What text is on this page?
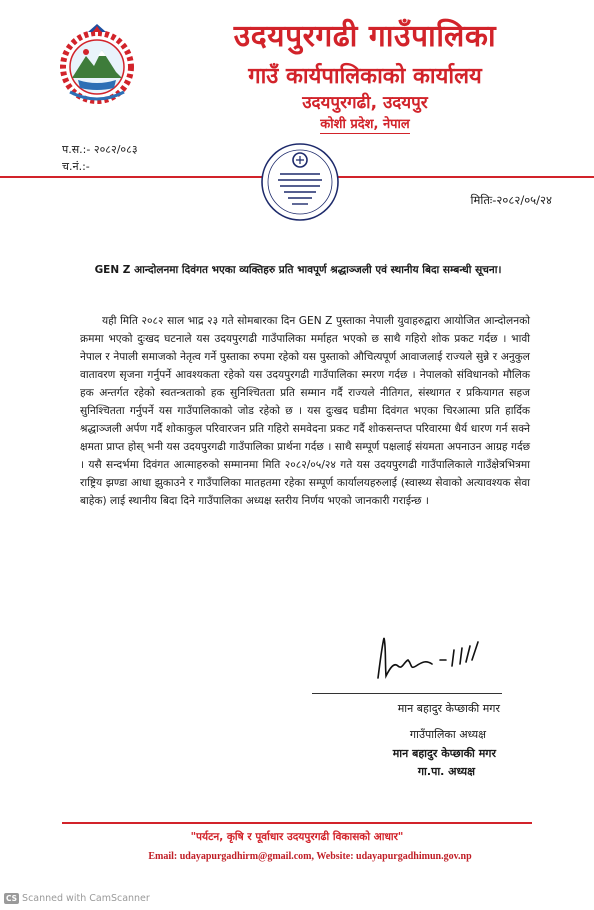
उदयपुरगढी गाउँपालिका
गाउँ कार्यपालिकाको कार्यालय
उदयपुरगढी, उदयपुर
कोशी प्रदेश, नेपाल
प.स.:- २०८२/०८३
च.नं.:-
मितिः-२०८२/०५/२४
GEN Z आन्दोलनमा दिवंगत भएका व्यक्तिहरु प्रति भावपूर्ण श्रद्धाञ्जली एवं स्थानीय बिदा सम्बन्धी सूचना।
यही मिति २०८२ साल भाद्र २३ गते सोमबारका दिन GEN Z पुस्ताका नेपाली युवाहरुद्वारा आयोजित आन्दोलनको क्रममा भएको दुःखद घटनाले यस उदयपुरगढी गाउँपालिका मर्माहत भएको छ साथै गहिरो शोक प्रकट गर्दछ । भावी नेपाल र नेपाली समाजको नेतृत्व गर्ने पुस्ताका रुपमा रहेको यस पुस्ताको औचित्यपूर्ण आवाजलाई राज्यले सुन्ने र अनुकुल वातावरण सृजना गर्नुपर्ने आवश्यकता रहेको यस उदयपुरगढी गाउँपालिका स्मरण गर्दछ । नेपालको संविधानको मौलिक हक अन्तर्गत रहेको स्वतन्त्रताको हक सुनिश्चितता प्रति सम्मान गर्दै राज्यले नीतिगत, संस्थागत र प्रकियागत सहज सुनिश्चितता गर्नुपर्ने यस गाउँपालिकाको जोड रहेको छ । यस दुःखद घडीमा दिवंगत भएका चिरआत्मा प्रति हार्दिक श्रद्धाञ्जली अर्पण गर्दै शोकाकुल परिवारजन प्रति गहिरो समवेदना प्रकट गर्दै शोकसन्तप्त परिवारमा धैर्य धारण गर्न सक्ने क्षमता प्राप्त होस् भनी यस उदयपुरगढी गाउँपालिका प्रार्थना गर्दछ । साथै सम्पूर्ण पक्षलाई संयमता अपनाउन आग्रह गर्दछ । यसै सन्दर्भमा दिवंगत आत्माहरुको सम्मानमा मिति २०८२/०५/२४ गते यस उदयपुरगढी गाउँपालिकाले गाउँक्षेत्रभित्रमा राष्ट्रिय झण्डा आधा झुकाउने र गाउँपालिका मातहतमा रहेका सम्पूर्ण कार्यालयहरुलाई (स्वास्थ्य सेवाको अत्यावश्यक सेवा बाहेक) लाई स्थानीय बिदा दिने गाउँपालिका अध्यक्ष स्तरीय निर्णय भएको जानकारी गराईन्छ ।
मान बहादुर केप्छाकी मगर
गाउँपालिका अध्यक्ष
मान बहादुर केप्छाकी मगर
गा.पा. अध्यक्ष
"पर्यटन, कृषि र पूर्वाधार उदयपुरगढी विकासको आधार"
Email: udayapurgadhirm@gmail.com, Website: udayapurgadhimun.gov.np
CS Scanned with CamScanner
